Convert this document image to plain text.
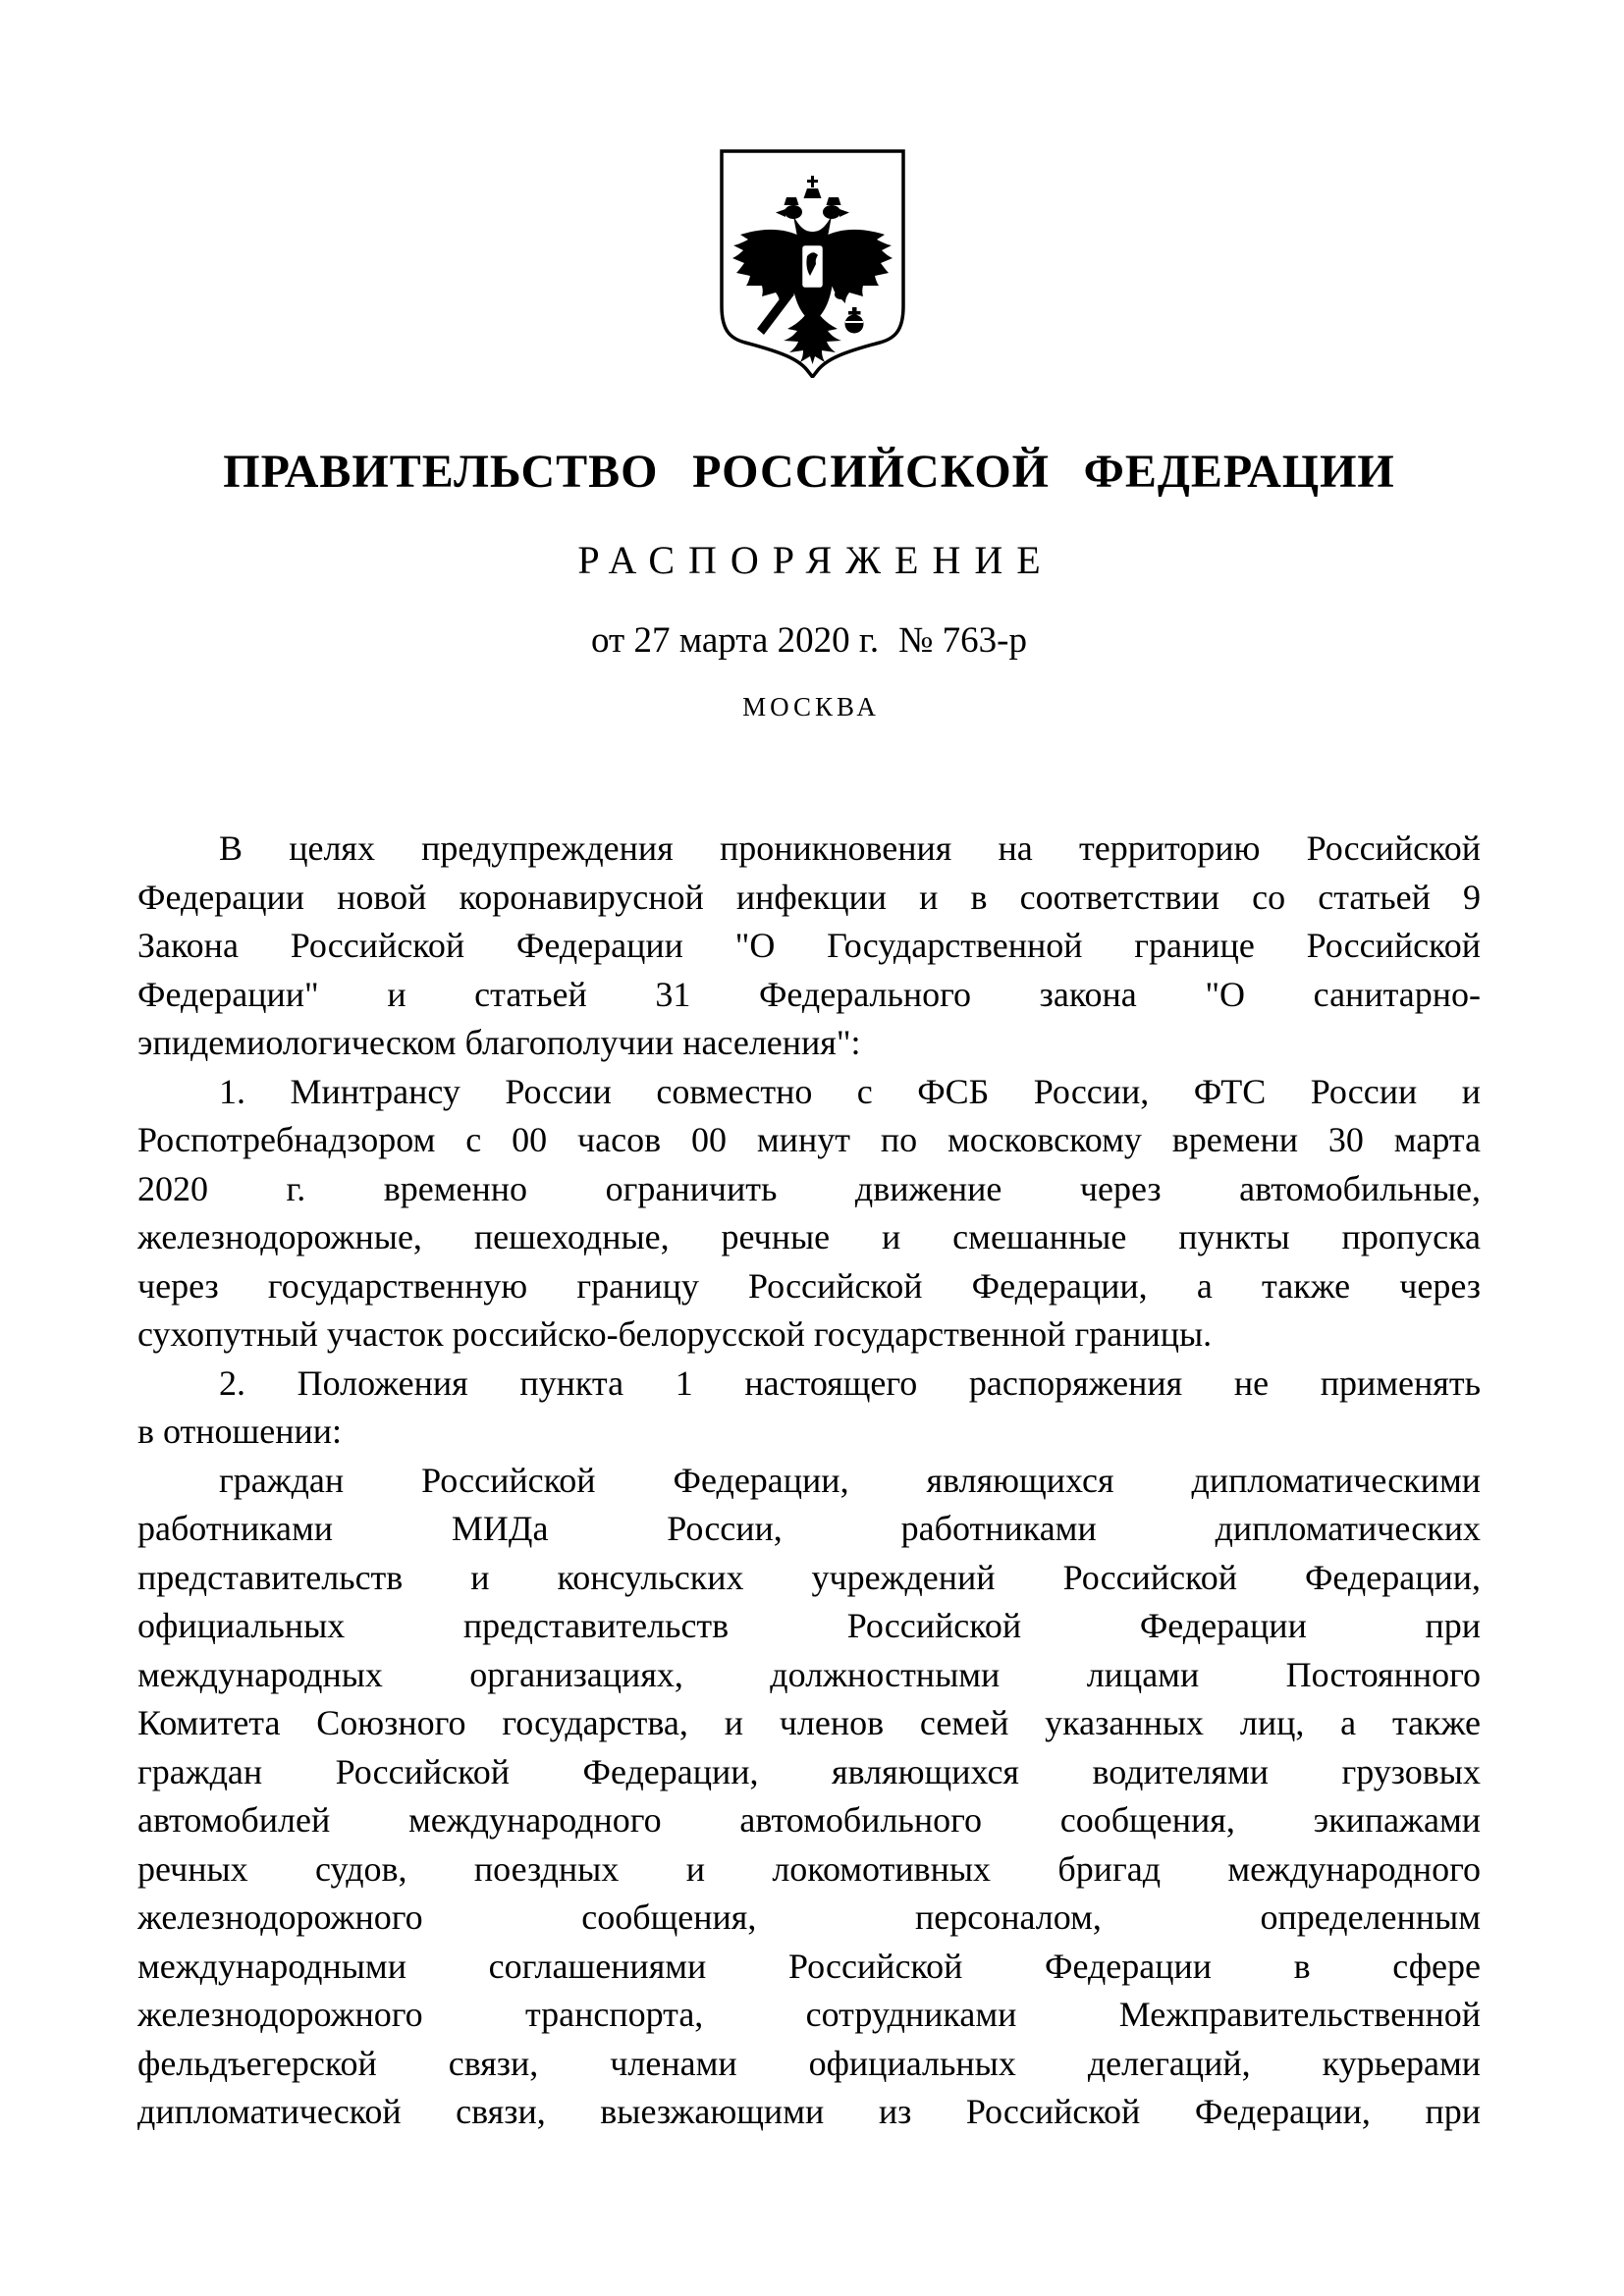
ПРАВИТЕЛЬСТВО РОССИЙСКОЙ ФЕДЕРАЦИИ
РАСПОРЯЖЕНИЕ
от 27 марта 2020 г. № 763-р
МОСКВА
В целях предупреждения проникновения на территорию Российской
Федерации новой коронавирусной инфекции и в соответствии со статьей 9
Закона Российской Федерации "О Государственной границе Российской
Федерации" и статьей 31 Федерального закона "О санитарно-
эпидемиологическом благополучии населения":
1. Минтрансу России совместно с ФСБ России, ФТС России и
Роспотребнадзором с 00 часов 00 минут по московскому времени 30 марта
2020 г. временно ограничить движение через автомобильные,
железнодорожные, пешеходные, речные и смешанные пункты пропуска
через государственную границу Российской Федерации, а также через
сухопутный участок российско-белорусской государственной границы.
2. Положения пункта 1 настоящего распоряжения не применять
в отношении:
граждан Российской Федерации, являющихся дипломатическими
работниками МИДа России, работниками дипломатических
представительств и консульских учреждений Российской Федерации,
официальных представительств Российской Федерации при
международных организациях, должностными лицами Постоянного
Комитета Союзного государства, и членов семей указанных лиц, а также
граждан Российской Федерации, являющихся водителями грузовых
автомобилей международного автомобильного сообщения, экипажами
речных судов, поездных и локомотивных бригад международного
железнодорожного сообщения, персоналом, определенным
международными соглашениями Российской Федерации в сфере
железнодорожного транспорта, сотрудниками Межправительственной
фельдъегерской связи, членами официальных делегаций, курьерами
дипломатической связи, выезжающими из Российской Федерации, при
